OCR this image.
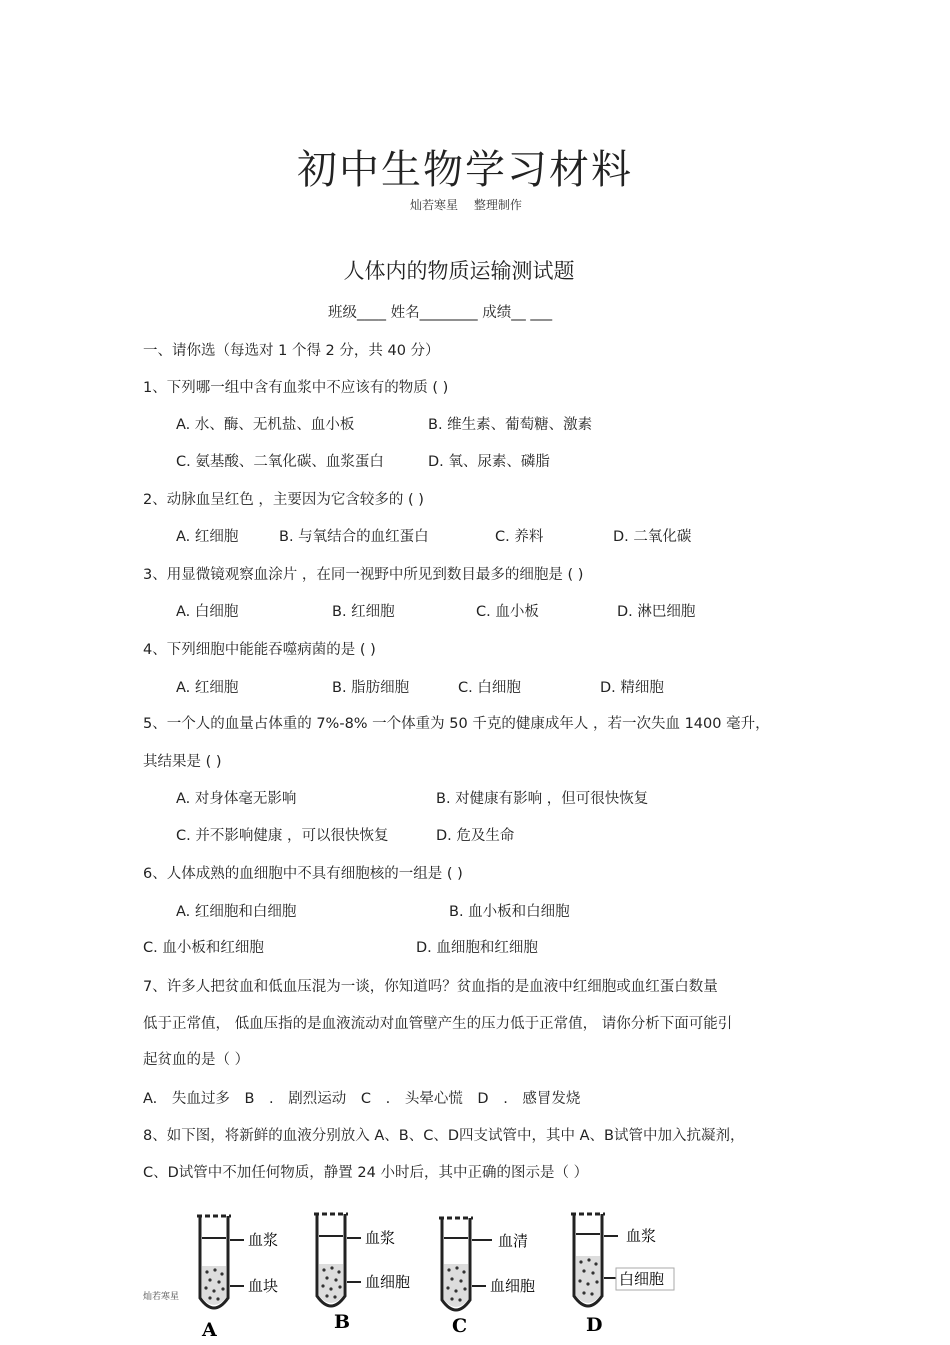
初中生物学习材料
灿若寒星 整理制作
人体内的物质运输测试题
班级____ 姓名________ 成绩__ ___
一、请你选（每选对 1 个得 2 分，共 40 分）
1、下列哪一组中含有血浆中不应该有的物质 ( )
A. 水、酶、无机盐、血小板	B. 维生素、葡萄糖、激素
C. 氨基酸、二氧化碳、血浆蛋白	D. 氧、尿素、磷脂
2、动脉血呈红色 ，主要因为它含较多的 ( )
A. 红细胞	B. 与氧结合的血红蛋白	C. 养料	D. 二氧化碳
3、用显微镜观察血涂片 ，在同一视野中所见到数目最多的细胞是 ( )
A. 白细胞	B. 红细胞	C. 血小板	D. 淋巴细胞
4、下列细胞中能能吞噬病菌的是 ( )
A. 红细胞	B. 脂肪细胞	C. 白细胞	D. 精细胞
5、一个人的血量占体重的 7%-8% 一个体重为 50 千克的健康成年人 ，若一次失血 1400 毫升，
其结果是 ( )
A. 对身体毫无影响	B. 对健康有影响 ，但可很快恢复
C. 并不影响健康 ，可以很快恢复	D. 危及生命
6、人体成熟的血细胞中不具有细胞核的一组是 ( )
A. 红细胞和白细胞	B. 血小板和白细胞
C. 血小板和红细胞	D. 血细胞和红细胞
7、许多人把贫血和低血压混为一谈，你知道吗？贫血指的是血液中红细胞或血红蛋白数量
低于正常值， 低血压指的是血液流动对血管壁产生的压力低于正常值， 请你分析下面可能引
起贫血的是（ ）
A. 失血过多 B . 剧烈运动 C . 头晕心慌 D . 感冒发烧
8、如下图，将新鲜的血液分别放入 A、B、C、D四支试管中，其中 A、B试管中加入抗凝剂，
C、D试管中不加任何物质，静置 24 小时后，其中正确的图示是（ ）
血浆
血块
A
血浆
血细胞
B
血清
血细胞
C
血浆
白细胞
D
灿若寒星
